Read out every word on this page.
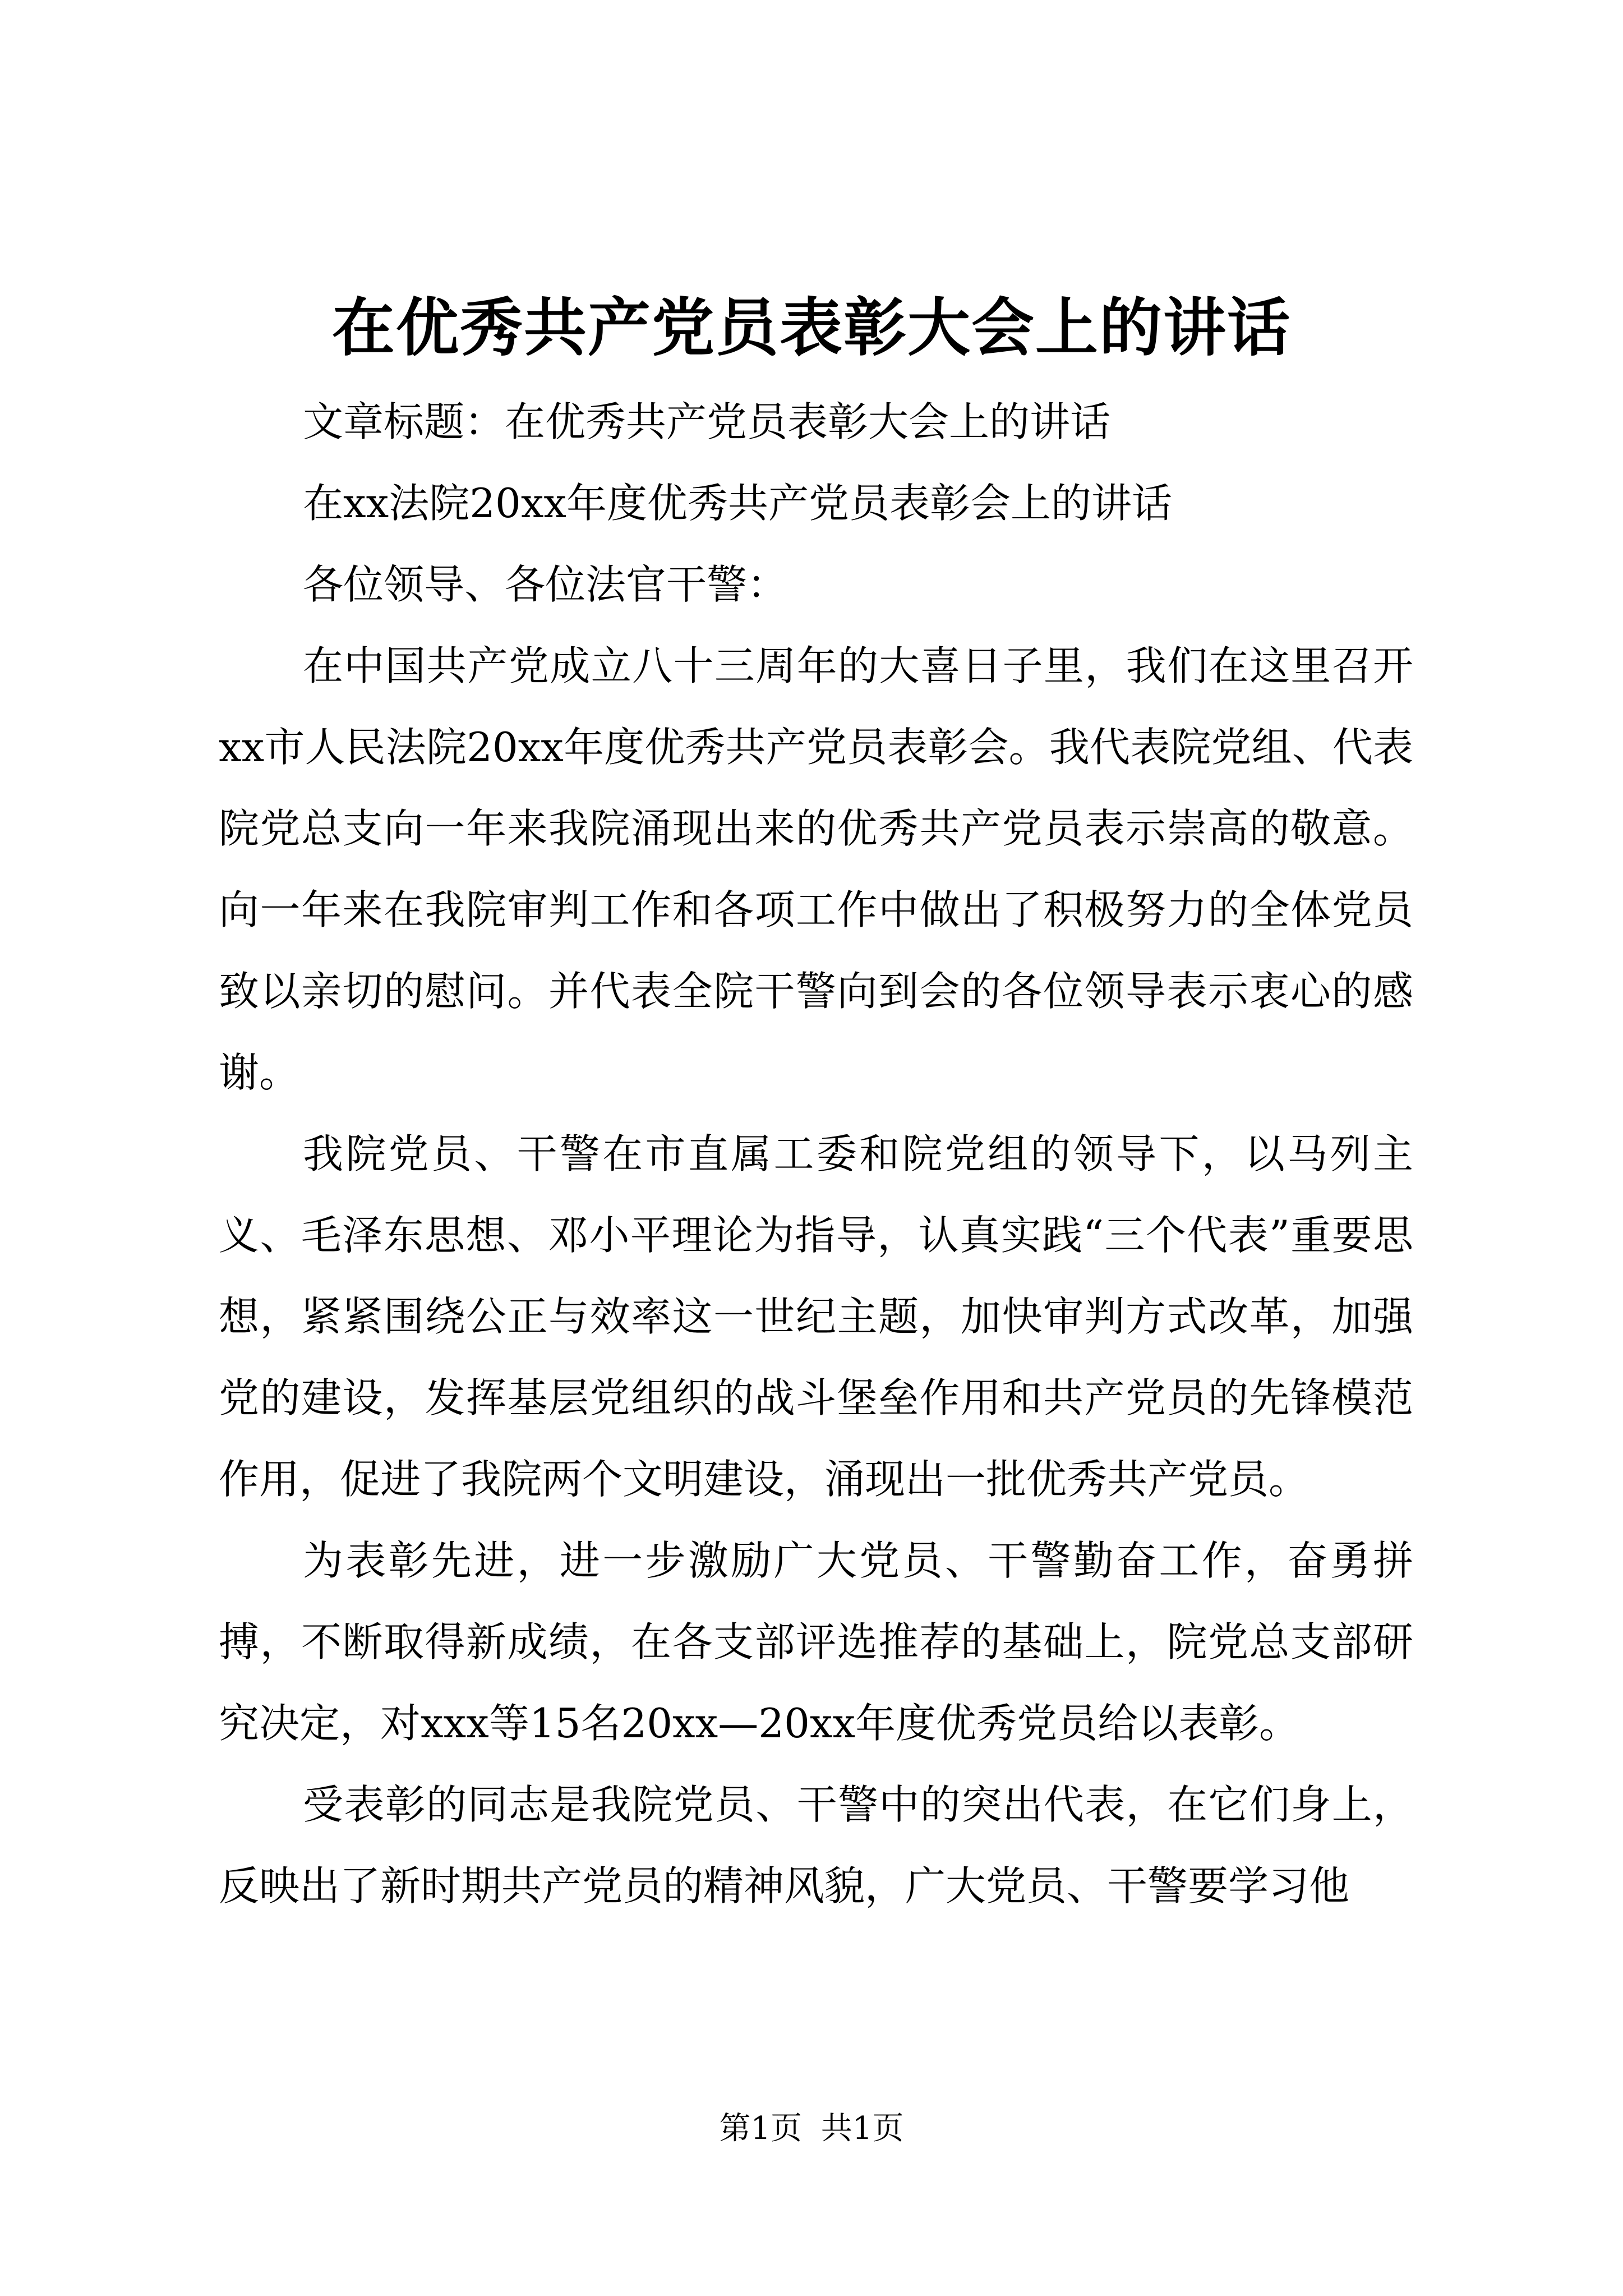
在优秀共产党员表彰大会上的讲话

文章标题：在优秀共产党员表彰大会上的讲话

在xx法院20xx年度优秀共产党员表彰会上的讲话

各位领导、各位法官干警：

在中国共产党成立八十三周年的大喜日子里，我们在这里召开xx市人民法院20xx年度优秀共产党员表彰会。我代表院党组、代表院党总支向一年来我院涌现出来的优秀共产党员表示崇高的敬意。向一年来在我院审判工作和各项工作中做出了积极努力的全体党员致以亲切的慰问。并代表全院干警向到会的各位领导表示衷心的感谢。

我院党员、干警在市直属工委和院党组的领导下，以马列主义、毛泽东思想、邓小平理论为指导，认真实践“三个代表”重要思想，紧紧围绕公正与效率这一世纪主题，加快审判方式改革，加强党的建设，发挥基层党组织的战斗堡垒作用和共产党员的先锋模范作用，促进了我院两个文明建设，涌现出一批优秀共产党员。

为表彰先进，进一步激励广大党员、干警勤奋工作，奋勇拼搏，不断取得新成绩，在各支部评选推荐的基础上，院党总支部研究决定，对xxx等15名20xx—20xx年度优秀党员给以表彰。

受表彰的同志是我院党员、干警中的突出代表，在它们身上，反映出了新时期共产党员的精神风貌，广大党员、干警要学习他

第1页 共1页
